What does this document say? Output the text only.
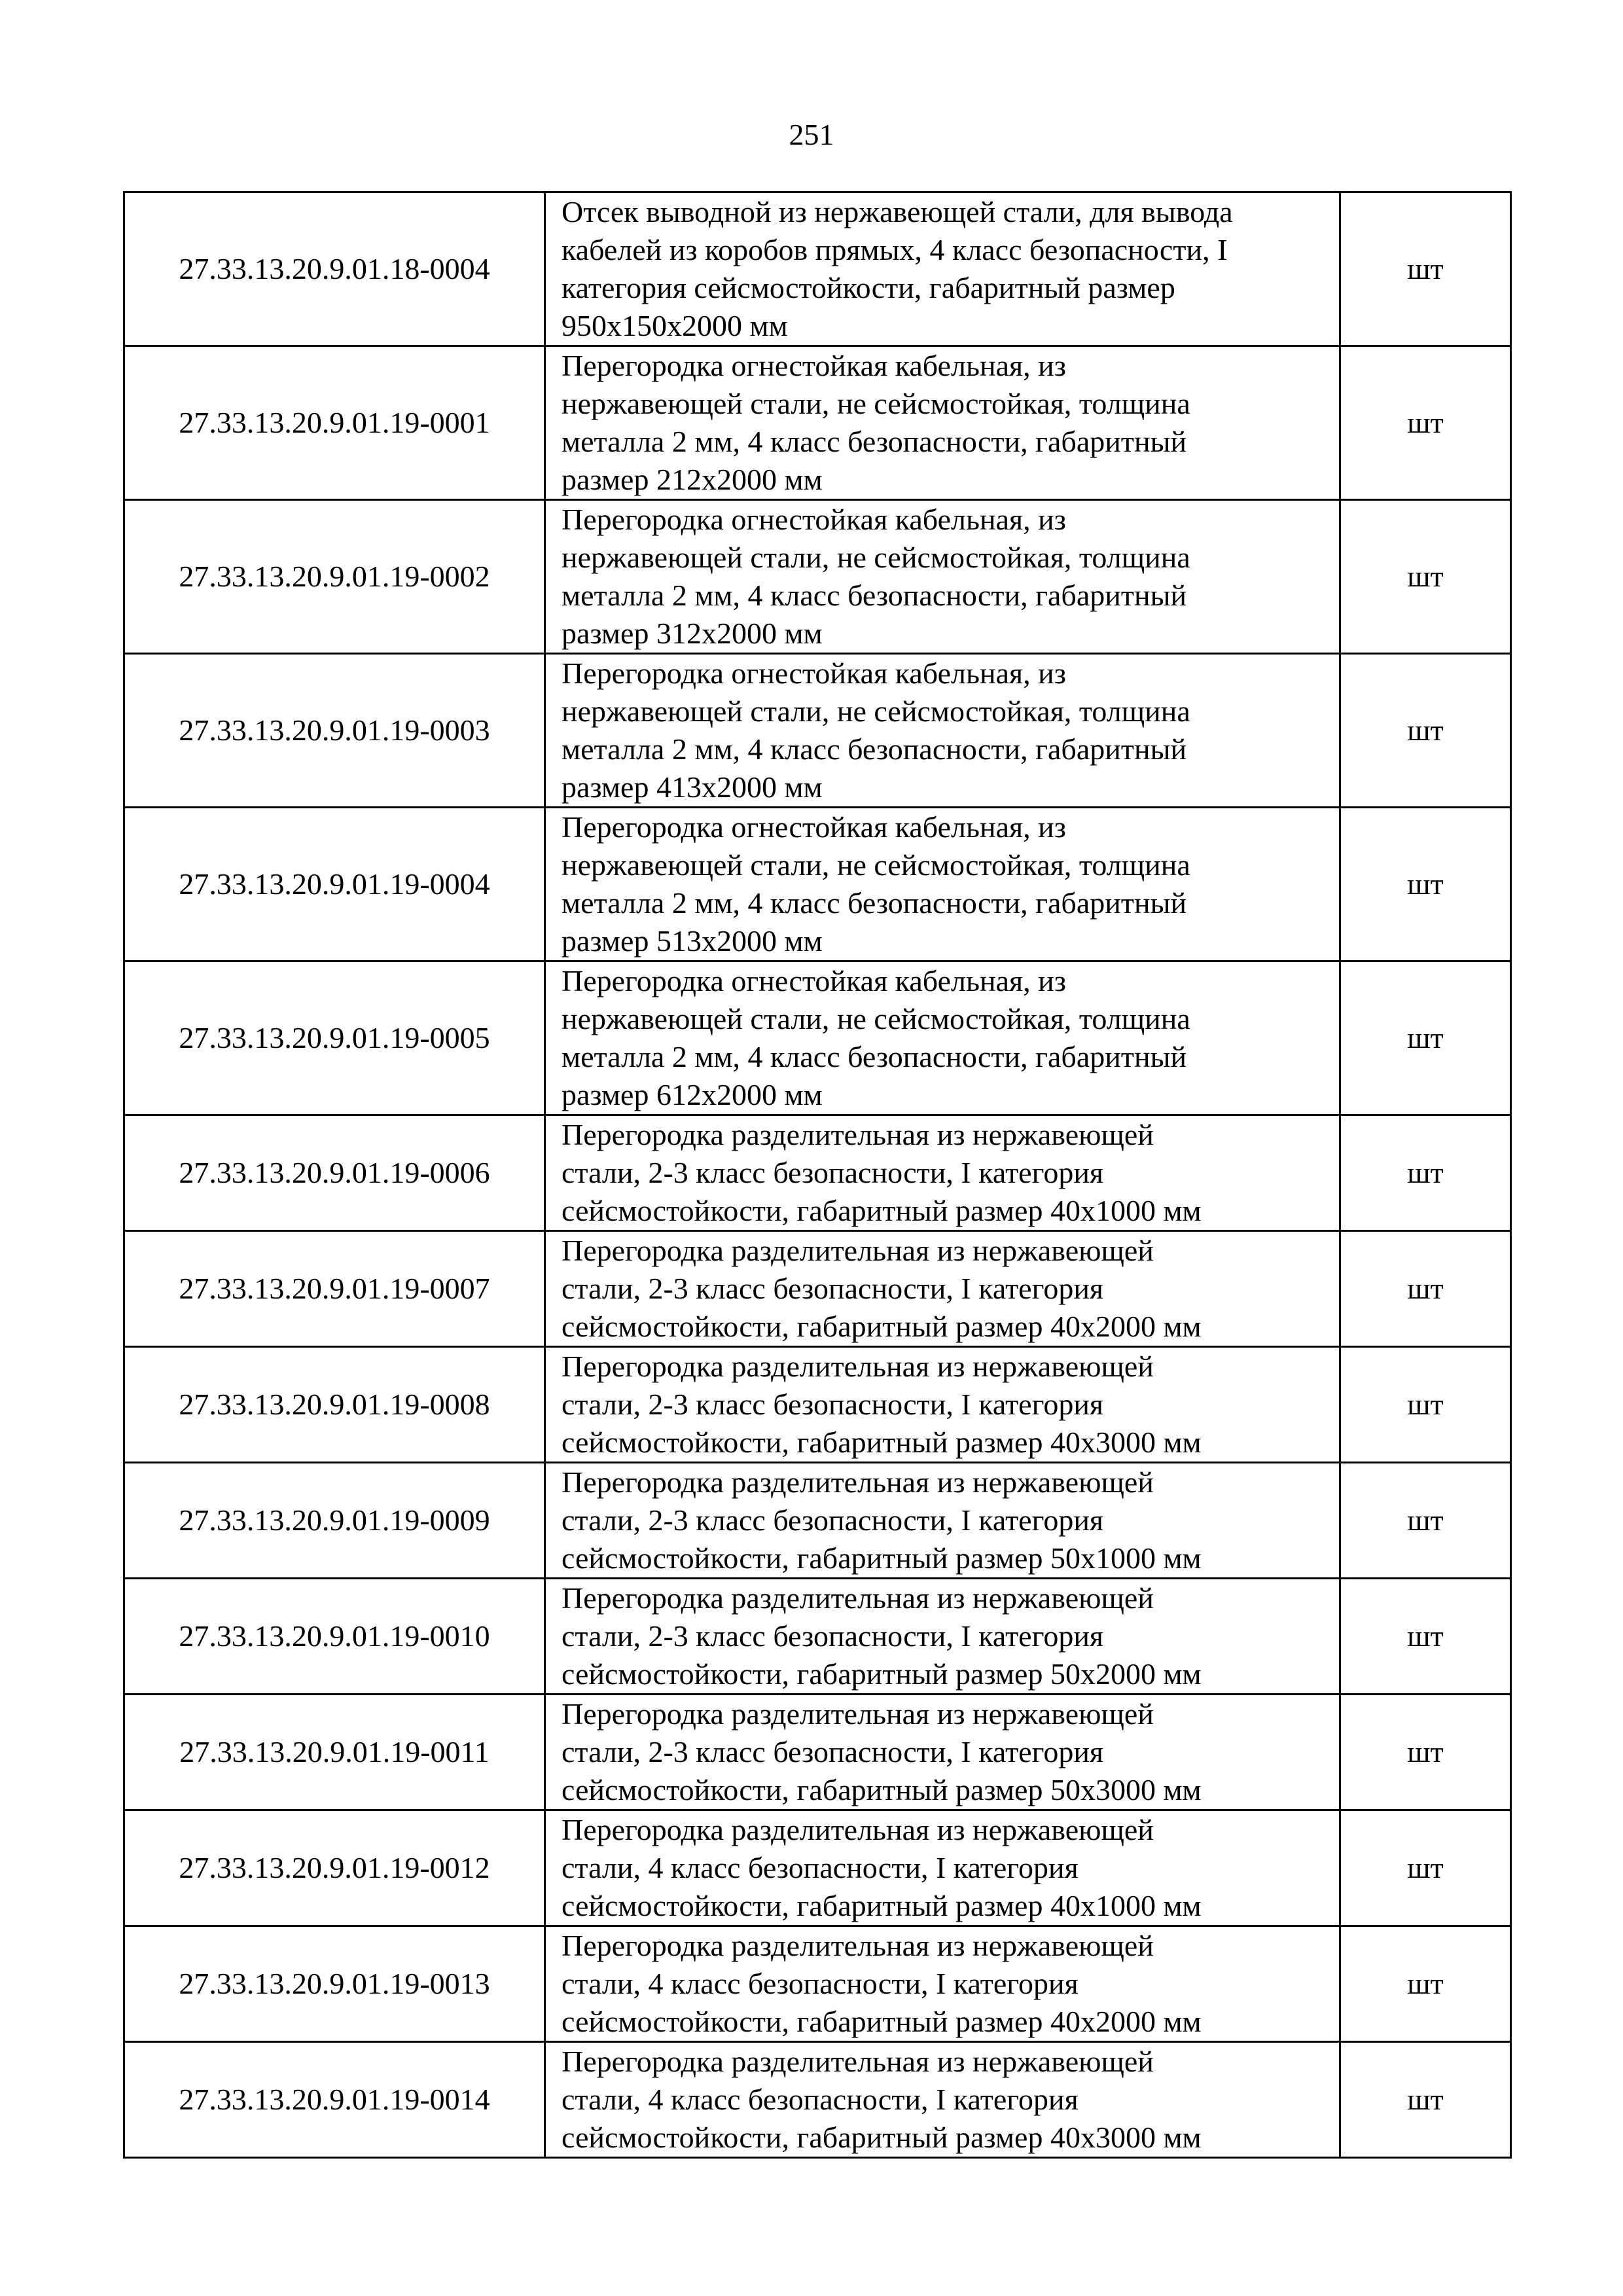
251
27.33.13.20.9.01.18-0004	Отсек выводной из нержавеющей стали, для вывода
кабелей из коробов прямых, 4 класс безопасности, I
категория сейсмостойкости, габаритный размер
950х150х2000 мм	шт
27.33.13.20.9.01.19-0001	Перегородка огнестойкая кабельная, из
нержавеющей стали, не сейсмостойкая, толщина
металла 2 мм, 4 класс безопасности, габаритный
размер 212х2000 мм	шт
27.33.13.20.9.01.19-0002	Перегородка огнестойкая кабельная, из
нержавеющей стали, не сейсмостойкая, толщина
металла 2 мм, 4 класс безопасности, габаритный
размер 312х2000 мм	шт
27.33.13.20.9.01.19-0003	Перегородка огнестойкая кабельная, из
нержавеющей стали, не сейсмостойкая, толщина
металла 2 мм, 4 класс безопасности, габаритный
размер 413х2000 мм	шт
27.33.13.20.9.01.19-0004	Перегородка огнестойкая кабельная, из
нержавеющей стали, не сейсмостойкая, толщина
металла 2 мм, 4 класс безопасности, габаритный
размер 513х2000 мм	шт
27.33.13.20.9.01.19-0005	Перегородка огнестойкая кабельная, из
нержавеющей стали, не сейсмостойкая, толщина
металла 2 мм, 4 класс безопасности, габаритный
размер 612х2000 мм	шт
27.33.13.20.9.01.19-0006	Перегородка разделительная из нержавеющей
стали, 2-3 класс безопасности, I категория
сейсмостойкости, габаритный размер 40х1000 мм	шт
27.33.13.20.9.01.19-0007	Перегородка разделительная из нержавеющей
стали, 2-3 класс безопасности, I категория
сейсмостойкости, габаритный размер 40х2000 мм	шт
27.33.13.20.9.01.19-0008	Перегородка разделительная из нержавеющей
стали, 2-3 класс безопасности, I категория
сейсмостойкости, габаритный размер 40х3000 мм	шт
27.33.13.20.9.01.19-0009	Перегородка разделительная из нержавеющей
стали, 2-3 класс безопасности, I категория
сейсмостойкости, габаритный размер 50х1000 мм	шт
27.33.13.20.9.01.19-0010	Перегородка разделительная из нержавеющей
стали, 2-3 класс безопасности, I категория
сейсмостойкости, габаритный размер 50х2000 мм	шт
27.33.13.20.9.01.19-0011	Перегородка разделительная из нержавеющей
стали, 2-3 класс безопасности, I категория
сейсмостойкости, габаритный размер 50х3000 мм	шт
27.33.13.20.9.01.19-0012	Перегородка разделительная из нержавеющей
стали, 4 класс безопасности, I категория
сейсмостойкости, габаритный размер 40х1000 мм	шт
27.33.13.20.9.01.19-0013	Перегородка разделительная из нержавеющей
стали, 4 класс безопасности, I категория
сейсмостойкости, габаритный размер 40х2000 мм	шт
27.33.13.20.9.01.19-0014	Перегородка разделительная из нержавеющей
стали, 4 класс безопасности, I категория
сейсмостойкости, габаритный размер 40х3000 мм	шт
